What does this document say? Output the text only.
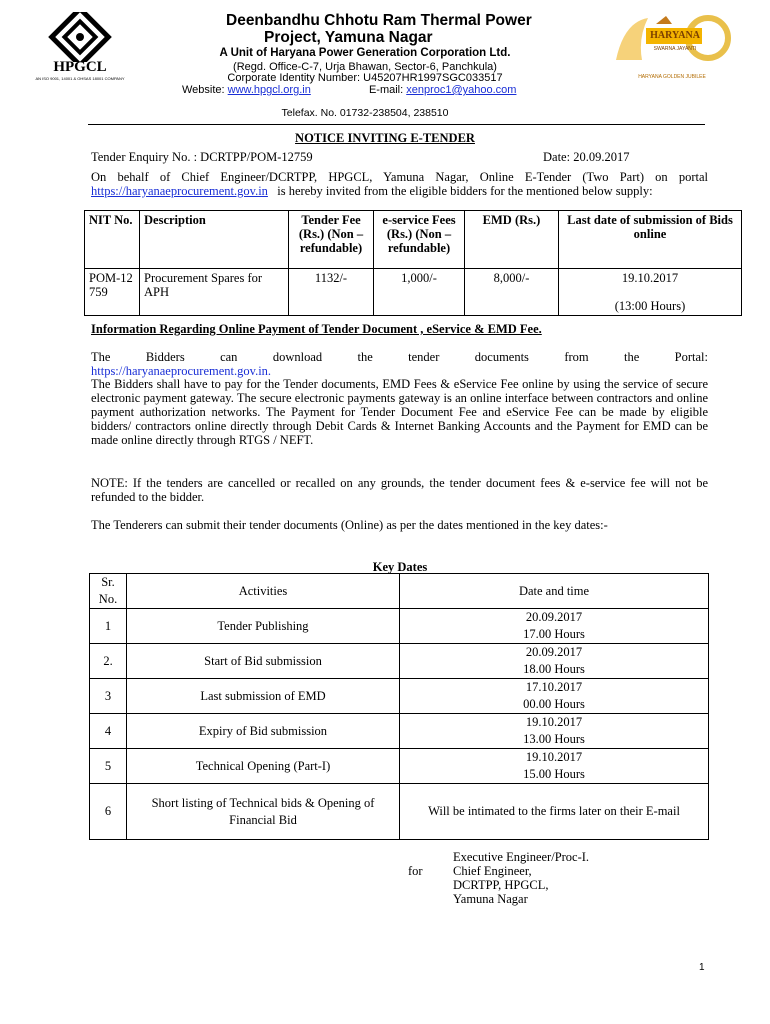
HPGCL
AN ISO 9001, 14001 & OHSAS 18001 COMPANY
HARYANA
SWARNA JAYANTI
HARYANA GOLDEN JUBILEE
Deenbandhu Chhotu Ram Thermal Power
Project, Yamuna Nagar
A Unit of Haryana Power Generation Corporation Ltd.
(Regd. Office-C-7, Urja Bhawan, Sector-6, Panchkula)
Corporate Identity Number: U45207HR1997SGC033517
Website: www.hpgcl.org.in	E-mail: xenproc1@yahoo.com
Telefax. No. 01732-238504, 238510
NOTICE INVITING E-TENDER
Tender Enquiry No. : DCRTPP/POM-12759	Date: 20.09.2017
On behalf of Chief Engineer/DCRTPP, HPGCL, Yamuna Nagar, Online E-Tender (Two Part) on portal https://haryanaeprocurement.gov.in is hereby invited from the eligible bidders for the mentioned below supply:
NIT No.	Description	Tender Fee (Rs.) (Non – refundable)	e-service Fees (Rs.) (Non – refundable)	EMD (Rs.)	Last date of submission of Bids online
POM-12759	Procurement Spares for APH	1132/-	1,000/-	8,000/-	19.10.2017
(13:00 Hours)
Information Regarding Online Payment of Tender Document , eService & EMD Fee.
The	Bidders	can	download	the	tender	documents	from	the	Portal:
https://haryanaeprocurement.gov.in.
The Bidders shall have to pay for the Tender documents, EMD Fees & eService Fee online by using the service of secure electronic payment gateway. The secure electronic payments gateway is an online interface between contractors and online payment authorization networks. The Payment for Tender Document Fee and eService Fee can be made by eligible bidders/ contractors online directly through Debit Cards & Internet Banking Accounts and the Payment for EMD can be made online directly through RTGS / NEFT.
NOTE: If the tenders are cancelled or recalled on any grounds, the tender document fees & e-service fee will not be refunded to the bidder.
The Tenderers can submit their tender documents (Online) as per the dates mentioned in the key dates:-
Key Dates
Sr. No.	Activities	Date and time
1	Tender Publishing	20.09.2017
17.00 Hours

2.	Start of Bid submission	20.09.2017
18.00 Hours

3	Last submission of EMD	17.10.2017
00.00 Hours

4	Expiry of Bid submission	19.10.2017
13.00 Hours

5	Technical Opening (Part-I)	19.10.2017
15.00 Hours

6	Short listing of Technical bids & Opening of Financial Bid	Will be intimated to the firms later on their E-mail
for
Executive Engineer/Proc-I.
Chief Engineer,
DCRTPP, HPGCL,
Yamuna Nagar
1
